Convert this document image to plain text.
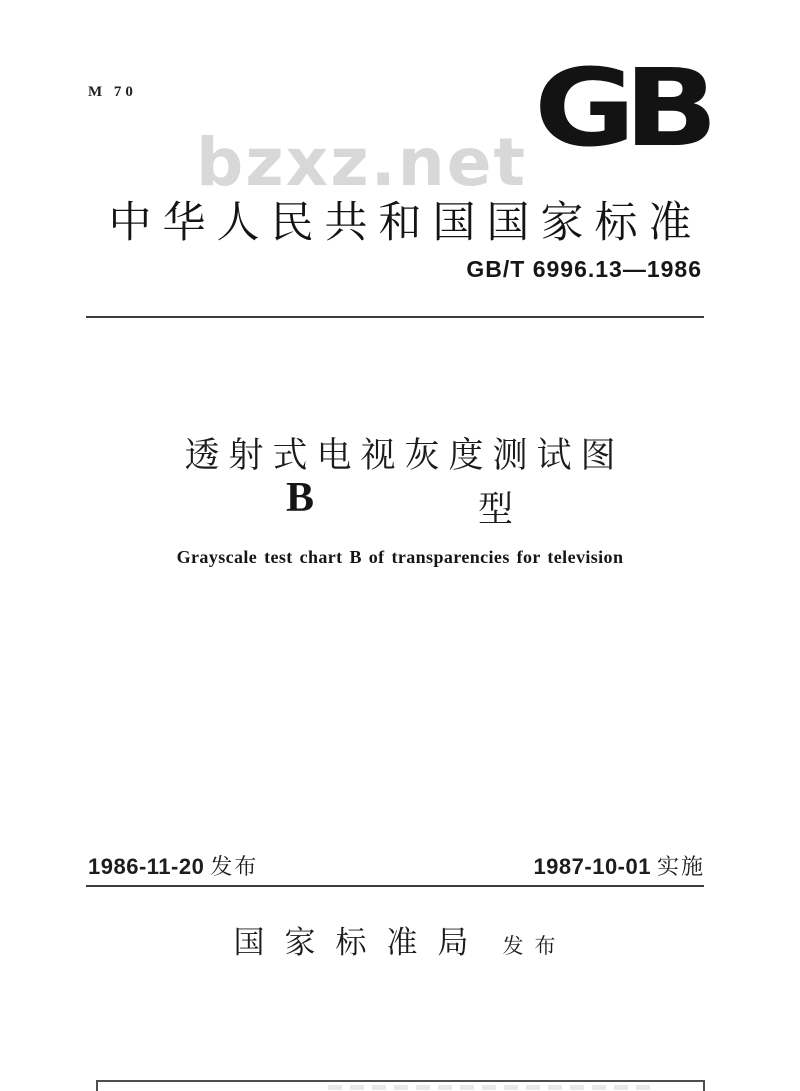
M 70	GB
bzxz.net
中华人民共和国国家标准
GB/T 6996.13—1986
透射式电视灰度测试图
B	型
Grayscale test chart B of transparencies for television
1986-11-20 发布	1987-10-01 实施
国家标准局 发布
